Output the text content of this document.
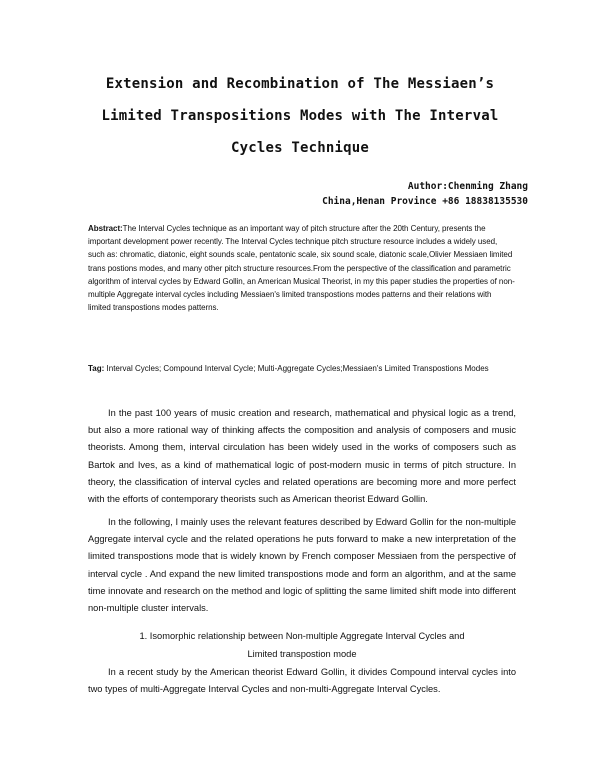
Extension and Recombination of The Messiaen’s
Limited Transpositions Modes with The Interval
Cycles Technique
Author:Chenming Zhang
China,Henan Province +86 18838135530
Abstract:The Interval Cycles technique as an important way of pitch structure after the 20th Century, presents the important development power recently. The Interval Cycles technique pitch structure resource includes a widely used, such as: chromatic, diatonic, eight sounds scale, pentatonic scale, six sound scale, diatonic scale,Olivier Messiaen limited trans postions modes, and many other pitch structure resources.From the perspective of the classification and parametric algorithm of interval cycles by Edward Gollin, an American Musical Theorist, in my this paper studies the properties of non-multiple Aggregate interval cycles including Messiaen's limited transpostions modes patterns and their relations with limited transpostions modes patterns.
Tag: Interval Cycles; Compound Interval Cycle; Multi-Aggregate Cycles;Messiaen's Limited Transpostions Modes

In the past 100 years of music creation and research, mathematical and physical logic as a trend, but also a more rational way of thinking affects the composition and analysis of composers and music theorists. Among them, interval circulation has been widely used in the works of composers such as Bartok and Ives, as a kind of mathematical logic of post-modern music in terms of pitch structure. In theory, the classification of interval cycles and related operations are becoming more and more perfect with the efforts of contemporary theorists such as American theorist Edward Gollin.

In the following, I mainly uses the relevant features described by Edward Gollin for the non-multiple Aggregate interval cycle and the related operations he puts forward to make a new interpretation of the limited transpostions mode that is widely known by French composer Messiaen from the perspective of interval cycle . And expand the new limited transpostions mode and form an algorithm, and at the same time innovate and research on the method and logic of splitting the same limited shift mode into different non-multiple cluster intervals.

1. Isomorphic relationship between Non-multiple Aggregate Interval Cycles and
Limited transpostion mode

In a recent study by the American theorist Edward Gollin, it divides Compound interval cycles into two types of multi-Aggregate Interval Cycles and non-multi-Aggregate Interval Cycles.
